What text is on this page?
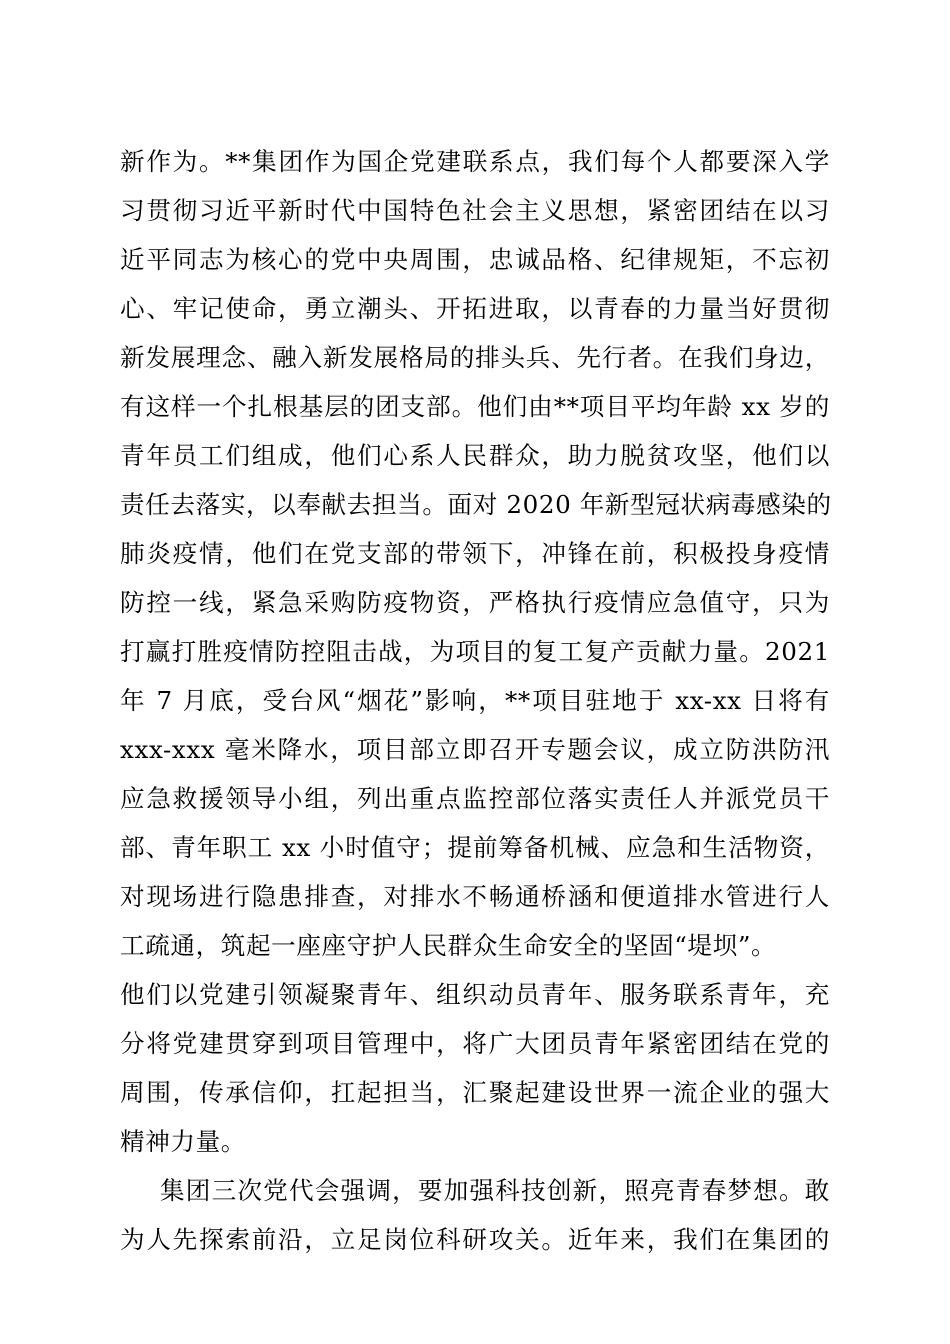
新作为。**集团作为国企党建联系点，我们每个人都要深入学
习贯彻习近平新时代中国特色社会主义思想，紧密团结在以习
近平同志为核心的党中央周围，忠诚品格、纪律规矩，不忘初
心、牢记使命，勇立潮头、开拓进取，以青春的力量当好贯彻
新发展理念、融入新发展格局的排头兵、先行者。在我们身边，
有这样一个扎根基层的团支部。他们由**项目平均年龄 xx 岁的
青年员工们组成，他们心系人民群众，助力脱贫攻坚，他们以
责任去落实，以奉献去担当。面对 2020 年新型冠状病毒感染的
肺炎疫情，他们在党支部的带领下，冲锋在前，积极投身疫情
防控一线，紧急采购防疫物资，严格执行疫情应急值守，只为
打赢打胜疫情防控阻击战，为项目的复工复产贡献力量。2021
年 7 月底，受台风“烟花”影响，**项目驻地于 xx-xx 日将有
xxx-xxx 毫米降水，项目部立即召开专题会议，成立防洪防汛
应急救援领导小组，列出重点监控部位落实责任人并派党员干
部、青年职工 xx 小时值守；提前筹备机械、应急和生活物资，
对现场进行隐患排查，对排水不畅通桥涵和便道排水管进行人
工疏通，筑起一座座守护人民群众生命安全的坚固“堤坝”。
他们以党建引领凝聚青年、组织动员青年、服务联系青年，充
分将党建贯穿到项目管理中，将广大团员青年紧密团结在党的
周围，传承信仰，扛起担当，汇聚起建设世界一流企业的强大
精神力量。
集团三次党代会强调，要加强科技创新，照亮青春梦想。敢
为人先探索前沿，立足岗位科研攻关。近年来，我们在集团的
